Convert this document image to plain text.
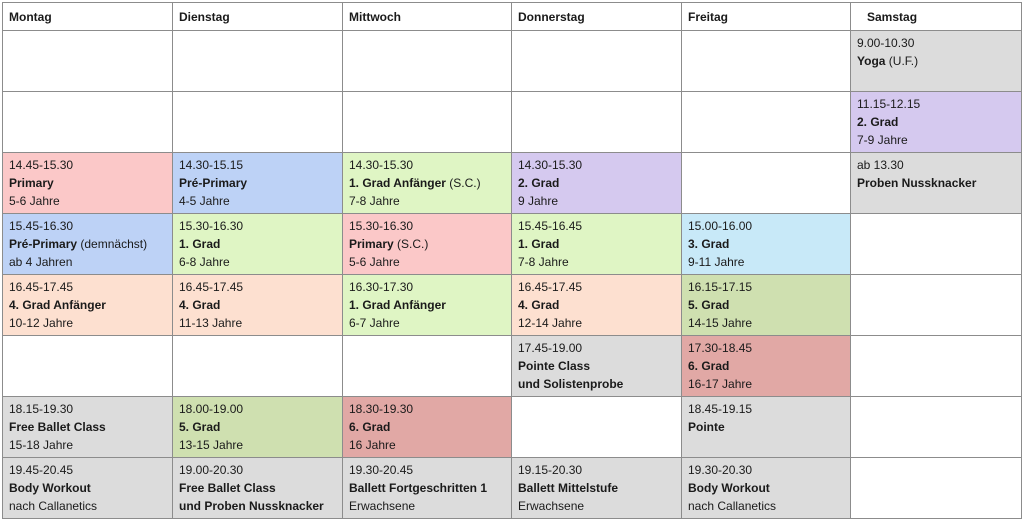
Montag	Dienstag	Mittwoch	Donnerstag	Freitag	Samstag

					9.00-10.30
Yoga (U.F.)

					11.15-12.15
2. Grad
7-9 Jahre

14.45-15.30
Primary
5-6 Jahre	14.30-15.15
Pré-Primary
4-5 Jahre	14.30-15.30
1. Grad Anfänger (S.C.)
7-8 Jahre	14.30-15.30
2. Grad
9 Jahre		ab 13.30
Proben Nussknacker

15.45-16.30
Pré-Primary (demnächst)
ab 4 Jahren	15.30-16.30
1. Grad
6-8 Jahre	15.30-16.30
Primary (S.C.)
5-6 Jahre	15.45-16.45
1. Grad
7-8 Jahre	15.00-16.00
3. Grad
9-11 Jahre	

16.45-17.45
4. Grad Anfänger
10-12 Jahre	16.45-17.45
4. Grad
11-13 Jahre	16.30-17.30
1. Grad Anfänger
6-7 Jahre	16.45-17.45
4. Grad
12-14 Jahre	16.15-17.15
5. Grad
14-15 Jahre	

			17.45-19.00
Pointe Class
und Solistenprobe	17.30-18.45
6. Grad
16-17 Jahre	

18.15-19.30
Free Ballet Class
15-18 Jahre	18.00-19.00
5. Grad
13-15 Jahre	18.30-19.30
6. Grad
16 Jahre		18.45-19.15
Pointe	

19.45-20.45
Body Workout
nach Callanetics	19.00-20.30
Free Ballet Class
und Proben Nussknacker	19.30-20.45
Ballett Fortgeschritten 1
Erwachsene	19.15-20.30
Ballett Mittelstufe
Erwachsene	19.30-20.30
Body Workout
nach Callanetics	
